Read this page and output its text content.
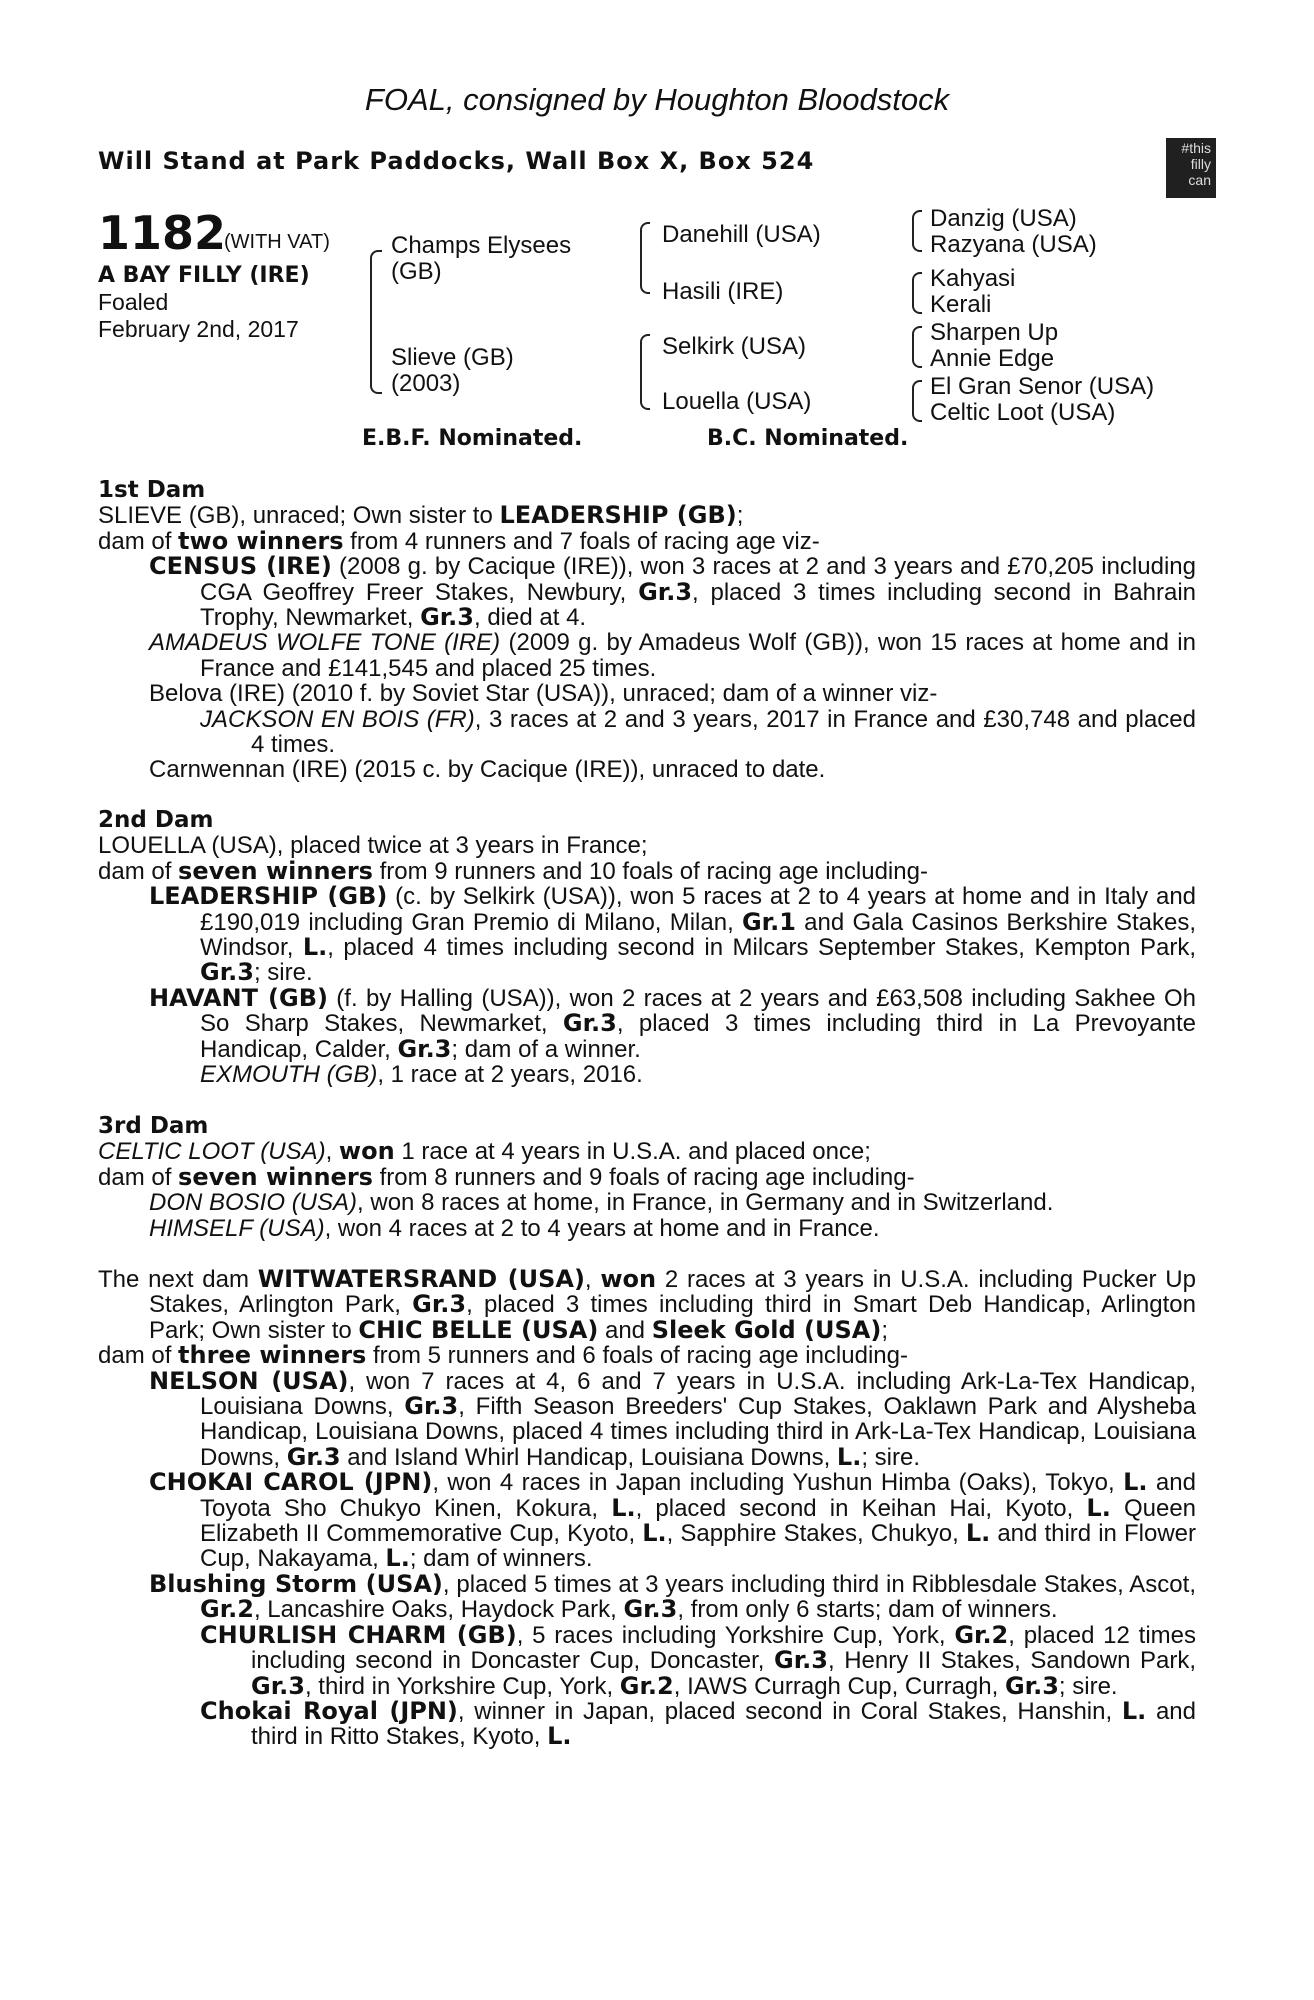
FOAL, consigned by Houghton Bloodstock
Will Stand at Park Paddocks, Wall Box X, Box 524	#this
filly
can
1182
(WITH VAT)
A BAY FILLY (IRE)
Foaled
February 2nd, 2017
Champs Elysees
(GB)
Slieve (GB)
(2003)
Danehill (USA)
Hasili (IRE)
Selkirk (USA)
Louella (USA)
Danzig (USA)
Razyana (USA)
Kahyasi
Kerali
Sharpen Up
Annie Edge
El Gran Senor (USA)
Celtic Loot (USA)
E.B.F. Nominated.	B.C. Nominated.

1st Dam

SLIEVE (GB), unraced; Own sister to LEADERSHIP (GB);

dam of two winners from 4 runners and 7 foals of racing age viz-

CENSUS (IRE) (2008 g. by Cacique (IRE)), won 3 races at 2 and 3 years and £70,205 including CGA Geoffrey Freer Stakes, Newbury, Gr.3, placed 3 times including second in Bahrain Trophy, Newmarket, Gr.3, died at 4.

AMADEUS WOLFE TONE (IRE) (2009 g. by Amadeus Wolf (GB)), won 15 races at home and in France and £141,545 and placed 25 times.

Belova (IRE) (2010 f. by Soviet Star (USA)), unraced; dam of a winner viz-

JACKSON EN BOIS (FR), 3 races at 2 and 3 years, 2017 in France and £30,748 and placed 4 times.

Carnwennan (IRE) (2015 c. by Cacique (IRE)), unraced to date.

2nd Dam

LOUELLA (USA), placed twice at 3 years in France;

dam of seven winners from 9 runners and 10 foals of racing age including-

LEADERSHIP (GB) (c. by Selkirk (USA)), won 5 races at 2 to 4 years at home and in Italy and £190,019 including Gran Premio di Milano, Milan, Gr.1 and Gala Casinos Berkshire Stakes, Windsor, L., placed 4 times including second in Milcars September Stakes, Kempton Park, Gr.3; sire.

HAVANT (GB) (f. by Halling (USA)), won 2 races at 2 years and £63,508 including Sakhee Oh So Sharp Stakes, Newmarket, Gr.3, placed 3 times including third in La Prevoyante Handicap, Calder, Gr.3; dam of a winner.

EXMOUTH (GB), 1 race at 2 years, 2016.

3rd Dam

CELTIC LOOT (USA), won 1 race at 4 years in U.S.A. and placed once;

dam of seven winners from 8 runners and 9 foals of racing age including-

DON BOSIO (USA), won 8 races at home, in France, in Germany and in Switzerland.

HIMSELF (USA), won 4 races at 2 to 4 years at home and in France.

The next dam WITWATERSRAND (USA), won 2 races at 3 years in U.S.A. including Pucker Up Stakes, Arlington Park, Gr.3, placed 3 times including third in Smart Deb Handicap, Arlington Park; Own sister to CHIC BELLE (USA) and Sleek Gold (USA);

dam of three winners from 5 runners and 6 foals of racing age including-

NELSON (USA), won 7 races at 4, 6 and 7 years in U.S.A. including Ark-La-Tex Handicap, Louisiana Downs, Gr.3, Fifth Season Breeders' Cup Stakes, Oaklawn Park and Alysheba Handicap, Louisiana Downs, placed 4 times including third in Ark-La-Tex Handicap, Louisiana Downs, Gr.3 and Island Whirl Handicap, Louisiana Downs, L.; sire.

CHOKAI CAROL (JPN), won 4 races in Japan including Yushun Himba (Oaks), Tokyo, L. and Toyota Sho Chukyo Kinen, Kokura, L., placed second in Keihan Hai, Kyoto, L. Queen Elizabeth II Commemorative Cup, Kyoto, L., Sapphire Stakes, Chukyo, L. and third in Flower Cup, Nakayama, L.; dam of winners.

Blushing Storm (USA), placed 5 times at 3 years including third in Ribblesdale Stakes, Ascot, Gr.2, Lancashire Oaks, Haydock Park, Gr.3, from only 6 starts; dam of winners.

CHURLISH CHARM (GB), 5 races including Yorkshire Cup, York, Gr.2, placed 12 times including second in Doncaster Cup, Doncaster, Gr.3, Henry II Stakes, Sandown Park, Gr.3, third in Yorkshire Cup, York, Gr.2, IAWS Curragh Cup, Curragh, Gr.3; sire.

Chokai Royal (JPN), winner in Japan, placed second in Coral Stakes, Hanshin, L. and third in Ritto Stakes, Kyoto, L.
